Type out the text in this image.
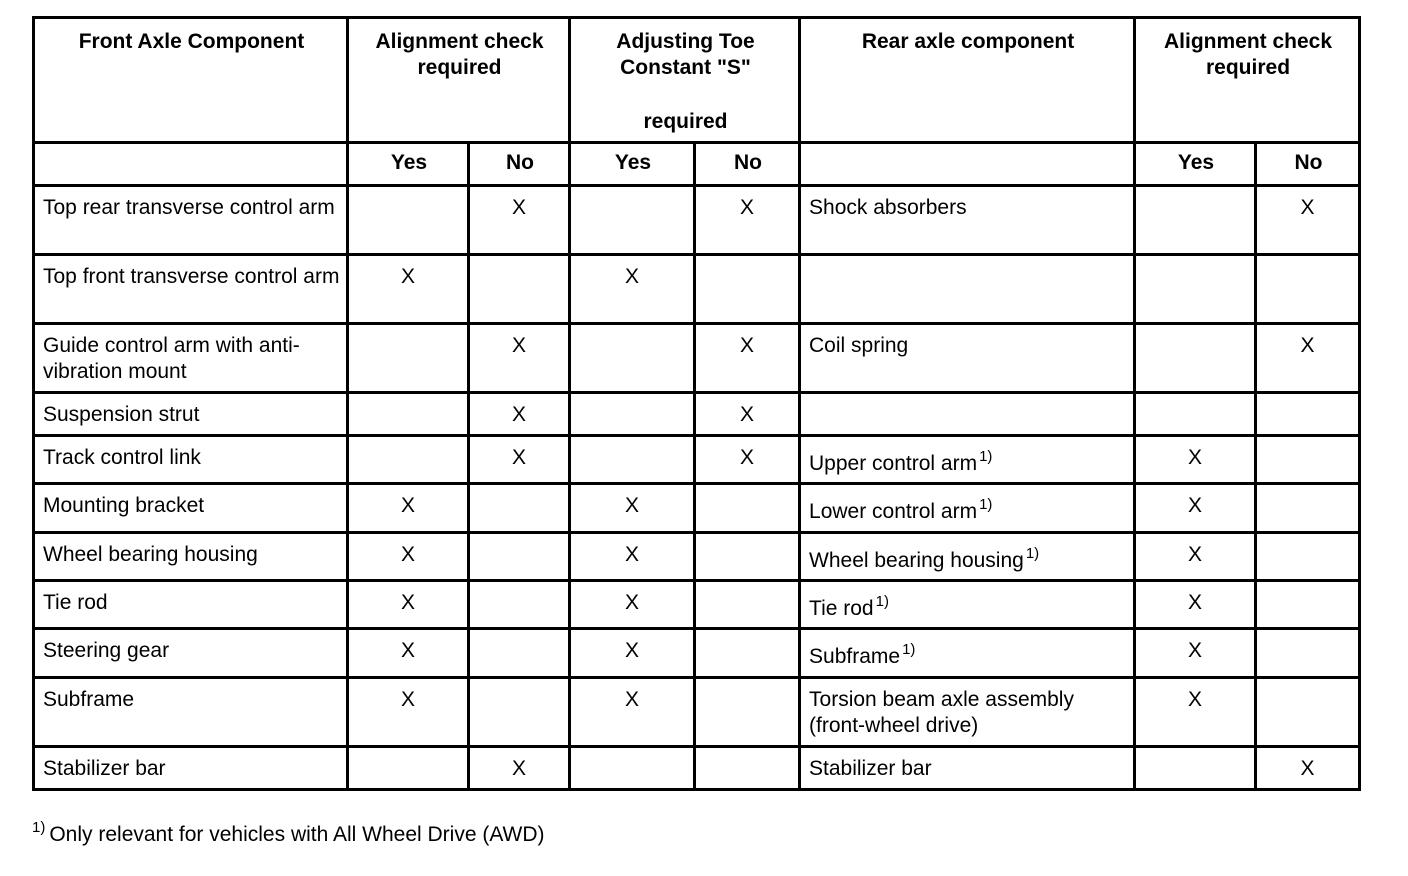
Front Axle Component	Alignment check required		Adjusting Toe Constant "S"
required		Rear axle component	Alignment check required	
	Yes	No	Yes	No		Yes	No
Top rear transverse control arm		X		X	Shock absorbers		X
Top front transverse control arm	X		X				
Guide control arm with anti-vibration mount		X		X	Coil spring		X
Suspension strut		X		X			
Track control link		X		X	Upper control arm $^{1)}$	X	
Mounting bracket	X		X		Lower control arm $^{1)}$	X	
Wheel bearing housing	X		X		Wheel bearing housing $^{1)}$	X	
Tie rod	X		X		Tie rod $^{1)}$	X	
Steering gear	X		X		Subframe $^{1)}$	X	
Subframe	X		X		Torsion beam axle assembly (front-wheel drive)	X	
Stabilizer bar		X			Stabilizer bar		X
$^{1)}$ Only relevant for vehicles with All Wheel Drive (AWD)
